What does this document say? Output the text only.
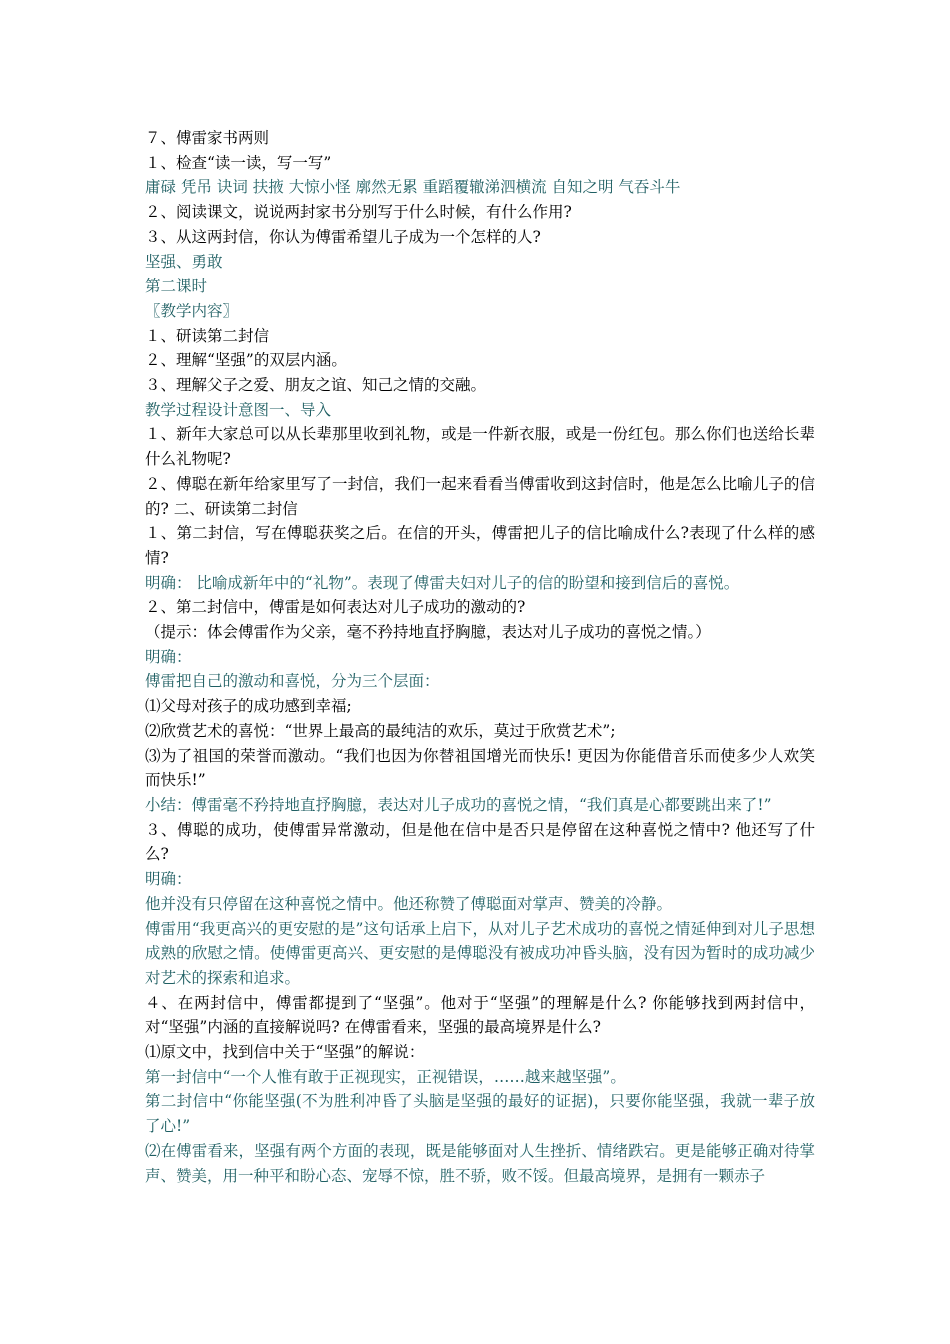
７、傅雷家书两则
１、检查“读一读，写一写”
庸碌 凭吊 诀词 扶掖 大惊小怪 廓然无累 重蹈覆辙涕泗横流 自知之明 气吞斗牛
２、阅读课文，说说两封家书分别写于什么时候，有什么作用?
３、从这两封信，你认为傅雷希望儿子成为一个怎样的人?
坚强、勇敢
第二课时
〖教学内容〗
１、研读第二封信
２、理解“坚强”的双层内涵。
３、理解父子之爱、朋友之谊、知己之情的交融。
教学过程设计意图一、导入
１、新年大家总可以从长辈那里收到礼物，或是一件新衣服，或是一份红包。那么你们也送给长辈什么礼物呢?
２、傅聪在新年给家里写了一封信，我们一起来看看当傅雷收到这封信时，他是怎么比喻儿子的信的? 二、研读第二封信
１、第二封信，写在傅聪获奖之后。在信的开头，傅雷把儿子的信比喻成什么?表现了什么样的感情?
明确： 比喻成新年中的“礼物”。表现了傅雷夫妇对儿子的信的盼望和接到信后的喜悦。
２、第二封信中，傅雷是如何表达对儿子成功的激动的?
（提示：体会傅雷作为父亲，毫不矜持地直抒胸臆，表达对儿子成功的喜悦之情。）
明确：
傅雷把自己的激动和喜悦，分为三个层面：
⑴父母对孩子的成功感到幸福;
⑵欣赏艺术的喜悦：“世界上最高的最纯洁的欢乐，莫过于欣赏艺术”;
⑶为了祖国的荣誉而激动。“我们也因为你替祖国增光而快乐! 更因为你能借音乐而使多少人欢笑而快乐!”
小结：傅雷毫不矜持地直抒胸臆，表达对儿子成功的喜悦之情，“我们真是心都要跳出来了!”
３、傅聪的成功，使傅雷异常激动，但是他在信中是否只是停留在这种喜悦之情中? 他还写了什么?
明确：
他并没有只停留在这种喜悦之情中。他还称赞了傅聪面对掌声、赞美的冷静。
傅雷用“我更高兴的更安慰的是”这句话承上启下，从对儿子艺术成功的喜悦之情延伸到对儿子思想成熟的欣慰之情。使傅雷更高兴、更安慰的是傅聪没有被成功冲昏头脑，没有因为暂时的成功减少对艺术的探索和追求。
４、在两封信中，傅雷都提到了“坚强”。他对于“坚强”的理解是什么? 你能够找到两封信中，对“坚强”内涵的直接解说吗? 在傅雷看来，坚强的最高境界是什么?
⑴原文中，找到信中关于“坚强”的解说：
第一封信中“一个人惟有敢于正视现实，正视错误，……越来越坚强”。
第二封信中“你能坚强(不为胜利冲昏了头脑是坚强的最好的证据)，只要你能坚强，我就一辈子放了心!”
⑵在傅雷看来，坚强有两个方面的表现，既是能够面对人生挫折、情绪跌宕。更是能够正确对待掌声、赞美，用一种平和盼心态、宠辱不惊，胜不骄，败不馁。但最高境界，是拥有一颗赤子
